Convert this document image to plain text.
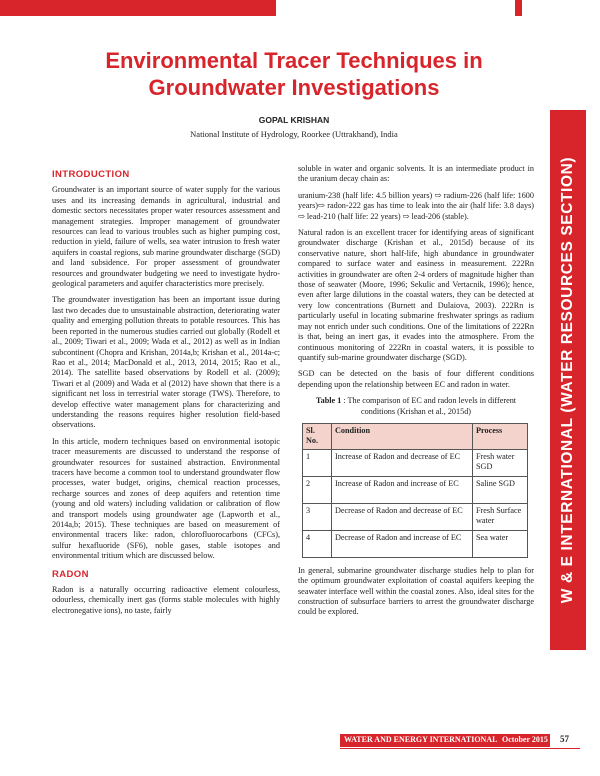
W & E INTERNATIONAL (WATER RESOURCES SECTION)
Environmental Tracer Techniques in Groundwater Investigations
GOPAL KRISHAN
National Institute of Hydrology, Roorkee (Uttrakhand), India
INTRODUCTION

Groundwater is an important source of water supply for the various uses and its increasing demands in agricultural, industrial and domestic sectors necessitates proper water resources assessment and management strategies. Improper management of groundwater resources can lead to various troubles such as higher pumping cost, reduction in yield, failure of wells, sea water intrusion to fresh water aquifers in coastal regions, sub marine groundwater discharge (SGD) and land subsidence. For proper assessment of groundwater resources and groundwater budgeting we need to investigate hydro-geological parameters and aquifer characteristics more precisely.

The groundwater investigation has been an important issue during last two decades due to unsustainable abstraction, deteriorating water quality and emerging pollution threats to potable resources. This has been reported in the numerous studies carried out globally (Rodell et al., 2009; Tiwari et al., 2009; Wada et al., 2012) as well as in Indian subcontinent (Chopra and Krishan, 2014a,b; Krishan et al., 2014a-c; Rao et al., 2014; MacDonald et al., 2013, 2014, 2015; Rao et al., 2014). The satellite based observations by Rodell et al. (2009); Tiwari et al (2009) and Wada et al (2012) have shown that there is a significant net loss in terrestrial water storage (TWS). Therefore, to develop effective water management plans for characterizing and understanding the reasons requires higher resolution field-based observations.

In this article, modern techniques based on environmental isotopic tracer measurements are discussed to understand the response of groundwater resources for sustained abstraction. Environmental tracers have become a common tool to understand groundwater flow processes, water budget, origins, chemical reaction processes, recharge sources and zones of deep aquifers and retention time (young and old waters) including validation or calibration of flow and transport models using groundwater age (Lapworth et al., 2014a,b; 2015). These techniques are based on measurement of environmental tracers like: radon, chlorofluorocarbons (CFCs), sulfur hexafluoride (SF6), noble gases, stable isotopes and environmental tritium which are discussed below.

RADON

Radon is a naturally occurring radioactive element colourless, odourless, chemically inert gas (forms stable molecules with highly electronegative ions), no taste, fairly

soluble in water and organic solvents. It is an intermediate product in the uranium decay chain as:

uranium-238 (half life: 4.5 billion years) ⇨ radium-226 (half life: 1600 years)⇨ radon-222 gas has time to leak into the air (half life: 3.8 days) ⇨ lead-210 (half life: 22 years) ⇨ lead-206 (stable).

Natural radon is an excellent tracer for identifying areas of significant groundwater discharge (Krishan et al., 2015d) because of its conservative nature, short half-life, high abundance in groundwater compared to surface water and easiness in measurement. 222Rn activities in groundwater are often 2-4 orders of magnitude higher than those of seawater (Moore, 1996; Sekulic and Vertacnik, 1996); hence, even after large dilutions in the coastal waters, they can be detected at very low concentrations (Burnett and Dulaiova, 2003). 222Rn is particularly useful in locating submarine freshwater springs as radium may not enrich under such conditions. One of the limitations of 222Rn is that, being an inert gas, it evades into the atmosphere. From the continuous monitoring of 222Rn in coastal waters, it is possible to quantify sub-marine groundwater discharge (SGD).

SGD can be detected on the basis of four different conditions depending upon the relationship between EC and radon in water.

Table 1 : The comparison of EC and radon levels in different conditions (Krishan et al., 2015d)
Sl. No.	Condition	Process
1	Increase of Radon and decrease of EC	Fresh water SGD
2	Increase of Radon and increase of EC	Saline SGD
3	Decrease of Radon and decrease of EC	Fresh Surface water
4	Decrease of Radon and increase of EC	Sea water

In general, submarine groundwater discharge studies help to plan for the optimum groundwater exploitation of coastal aquifers keeping the seawater interface well within the coastal zones. Also, ideal sites for the construction of subsurface barriers to arrest the groundwater discharge could be explored.

WATER AND ENERGY INTERNATIONAL October 2015 57
